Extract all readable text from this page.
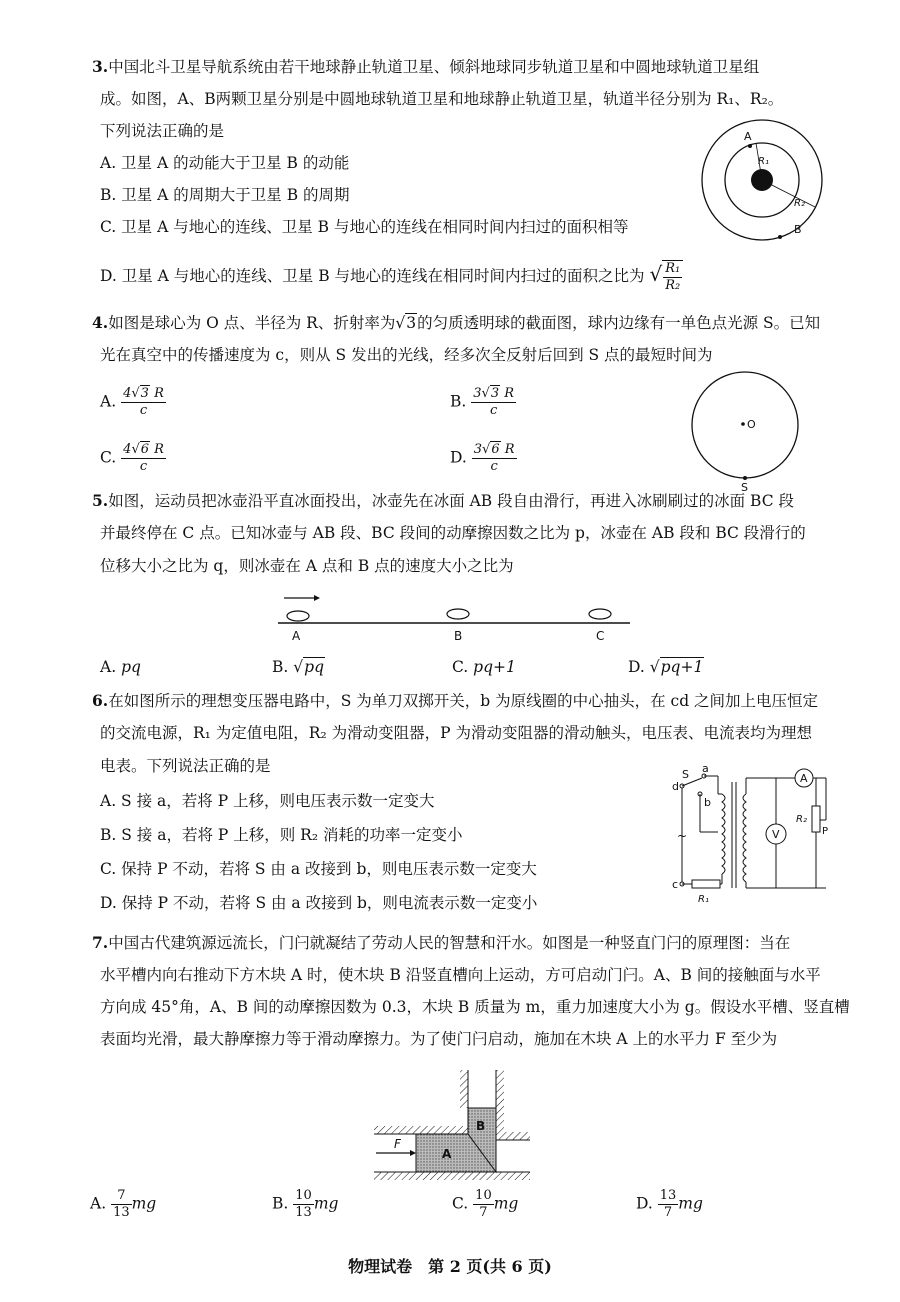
3.中国北斗卫星导航系统由若干地球静止轨道卫星、倾斜地球同步轨道卫星和中圆地球轨道卫星组
成。如图，A、B两颗卫星分别是中圆地球轨道卫星和地球静止轨道卫星，轨道半径分别为 R₁、R₂。
下列说法正确的是
A. 卫星 A 的动能大于卫星 B 的动能
B. 卫星 A 的周期大于卫星 B 的周期
C. 卫星 A 与地心的连线、卫星 B 与地心的连线在相同时间内扫过的面积相等
D. 卫星 A 与地心的连线、卫星 B 与地心的连线在相同时间内扫过的面积之比为 √ $\frac{\text{R₁}}{\text{R₂}}$
A
R₁
R₂
B
4.如图是球心为 O 点、半径为 R、折射率为√3的匀质透明球的截面图，球内边缘有一单色点光源 S。已知
光在真空中的传播速度为 c，则从 S 发出的光线，经多次全反射后回到 S 点的最短时间为
A. $\frac{4√3 R}{c}$	B. $\frac{3√3 R}{c}$
C. $\frac{4√6 R}{c}$	D. $\frac{3√6 R}{c}$
O
S
5.如图，运动员把冰壶沿平直冰面投出，冰壶先在冰面 AB 段自由滑行，再进入冰刷刷过的冰面 BC 段
并最终停在 C 点。已知冰壶与 AB 段、BC 段间的动摩擦因数之比为 p，冰壶在 AB 段和 BC 段滑行的
位移大小之比为 q，则冰壶在 A 点和 B 点的速度大小之比为
A	B	C
A. pq	B. √pq	C. pq+1	D. √pq+1
6.在如图所示的理想变压器电路中，S 为单刀双掷开关，b 为原线圈的中心抽头，在 cd 之间加上电压恒定
的交流电源，R₁ 为定值电阻，R₂ 为滑动变阻器，P 为滑动变阻器的滑动触头，电压表、电流表均为理想
电表。下列说法正确的是
A. S 接 a，若将 P 上移，则电压表示数一定变大
B. S 接 a，若将 P 上移，则 R₂ 消耗的功率一定变小
C. 保持 P 不动，若将 S 由 a 改接到 b，则电压表示数一定变大
D. 保持 P 不动，若将 S 由 a 改接到 b，则电流表示数一定变小
d
c
~
S a
b
R₁
V
A
R₂
P
7.中国古代建筑源远流长，门闩就凝结了劳动人民的智慧和汗水。如图是一种竖直门闩的原理图：当在
水平槽内向右推动下方木块 A 时，使木块 B 沿竖直槽向上运动，方可启动门闩。A、B 间的接触面与水平
方向成 45°角，A、B 间的动摩擦因数为 0.3，木块 B 质量为 m，重力加速度大小为 g。假设水平槽、竖直槽
表面均光滑，最大静摩擦力等于滑动摩擦力。为了使门闩启动，施加在木块 A 上的水平力 F 至少为
B
A
F
A. $\frac{7}{13}$ mg	B. $\frac{10}{13}$ mg	C. $\frac{10}{7}$ mg	D. $\frac{13}{7}$ mg
物理试卷　第 2 页(共 6 页)
